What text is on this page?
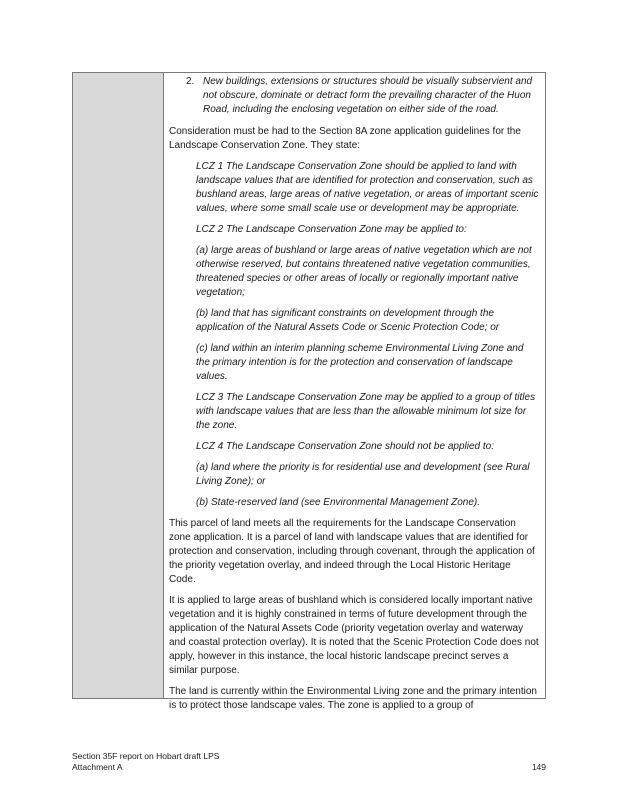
2. New buildings, extensions or structures should be visually subservient and not obscure, dominate or detract form the prevailing character of the Huon Road, including the enclosing vegetation on either side of the road.

Consideration must be had to the Section 8A zone application guidelines for the Landscape Conservation Zone. They state:

LCZ 1 The Landscape Conservation Zone should be applied to land with landscape values that are identified for protection and conservation, such as bushland areas, large areas of native vegetation, or areas of important scenic values, where some small scale use or development may be appropriate.

LCZ 2 The Landscape Conservation Zone may be applied to:

(a) large areas of bushland or large areas of native vegetation which are not otherwise reserved, but contains threatened native vegetation communities, threatened species or other areas of locally or regionally important native vegetation;

(b) land that has significant constraints on development through the application of the Natural Assets Code or Scenic Protection Code; or

(c) land within an interim planning scheme Environmental Living Zone and the primary intention is for the protection and conservation of landscape values.

LCZ 3 The Landscape Conservation Zone may be applied to a group of titles with landscape values that are less than the allowable minimum lot size for the zone.

LCZ 4 The Landscape Conservation Zone should not be applied to:

(a) land where the priority is for residential use and development (see Rural Living Zone); or

(b) State-reserved land (see Environmental Management Zone).

This parcel of land meets all the requirements for the Landscape Conservation zone application. It is a parcel of land with landscape values that are identified for protection and conservation, including through covenant, through the application of the priority vegetation overlay, and indeed through the Local Historic Heritage Code.

It is applied to large areas of bushland which is considered locally important native vegetation and it is highly constrained in terms of future development through the application of the Natural Assets Code (priority vegetation overlay and waterway and coastal protection overlay). It is noted that the Scenic Protection Code does not apply, however in this instance, the local historic landscape precinct serves a similar purpose.

The land is currently within the Environmental Living zone and the primary intention is to protect those landscape vales. The zone is applied to a group of

Section 35F report on Hobart draft LPS
Attachment A	149
